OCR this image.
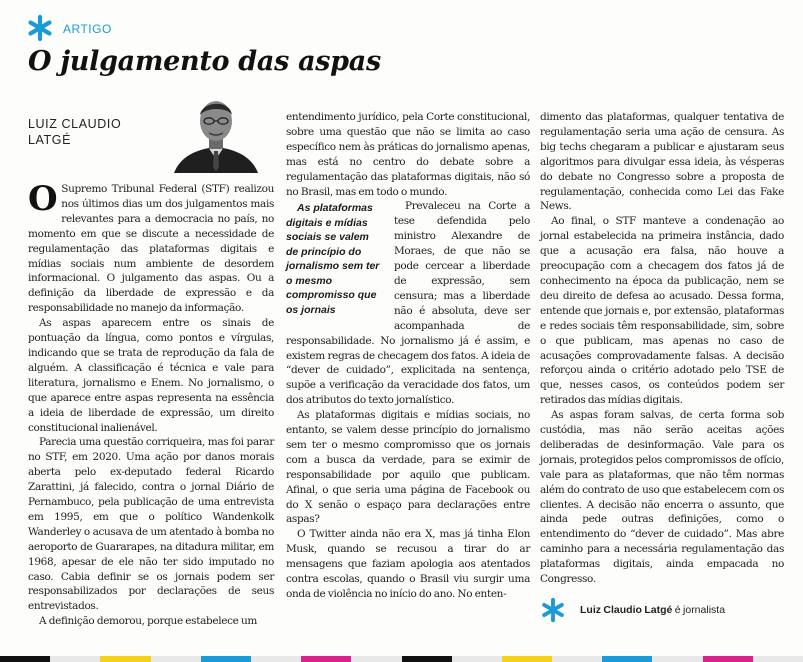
ARTIGO
O julgamento das aspas
LUIZ CLAUDIO
LATGÉ

O Supremo Tribunal Federal (STF) realizou nos últimos dias um dos julgamentos mais relevantes para a democracia no país, no momento em que se discute a necessidade de regulamentação das plataformas digitais e mídias sociais num ambiente de desordem informacional. O julgamento das aspas. Ou a definição da liberdade de expressão e da responsabilidade no manejo da informação.

As aspas aparecem entre os sinais de pontuação da língua, como pontos e vírgulas, indicando que se trata de reprodução da fala de alguém. A classificação é técnica e vale para literatura, jornalismo e Enem. No jornalismo, o que aparece entre aspas representa na essência a ideia de liberdade de expressão, um direito constitucional inalienável.

Parecia uma questão corriqueira, mas foi parar no STF, em 2020. Uma ação por danos morais aberta pelo ex-deputado federal Ricardo Zarattini, já falecido, contra o jornal Diário de Pernambuco, pela publicação de uma entrevista em 1995, em que o político Wandenkolk Wanderley o acusava de um atentado à bomba no aeroporto de Guararapes, na ditadura militar, em 1968, apesar de ele não ter sido imputado no caso. Cabia definir se os jornais podem ser responsabilizados por declarações de seus entrevistados.

A definição demorou, porque estabelece um

entendimento jurídico, pela Corte constitucional, sobre uma questão que não se limita ao caso específico nem às práticas do jornalismo apenas, mas está no centro do debate sobre a regulamentação das plataformas digitais, não só no Brasil, mas em todo o mundo.

As plataformas digitais e mídias sociais se valem de princípio do jornalismo sem ter o mesmo compromisso que os jornais
Prevaleceu na Corte a tese defendida pelo ministro Alexandre de Moraes, de que não se pode cercear a liberdade de expressão, sem censura; mas a liberdade não é absoluta, deve ser acompanhada de responsabilidade. No jornalismo já é assim, e existem regras de checagem dos fatos. A ideia de “dever de cuidado”, explicitada na sentença, supõe a verificação da veracidade dos fatos, um dos atributos do texto jornalístico.

As plataformas digitais e mídias sociais, no entanto, se valem desse princípio do jornalismo sem ter o mesmo compromisso que os jornais com a busca da verdade, para se eximir de responsabilidade por aquilo que publicam. Afinal, o que seria uma página de Facebook ou do X senão o espaço para declarações entre aspas?

O Twitter ainda não era X, mas já tinha Elon Musk, quando se recusou a tirar do ar mensagens que faziam apologia aos atentados contra escolas, quando o Brasil viu surgir uma onda de violência no início do ano. No enten-

dimento das plataformas, qualquer tentativa de regulamentação seria uma ação de censura. As big techs chegaram a publicar e ajustaram seus algoritmos para divulgar essa ideia, às vésperas do debate no Congresso sobre a proposta de regulamentação, conhecida como Lei das Fake News.

Ao final, o STF manteve a condenação ao jornal estabelecida na primeira instância, dado que a acusação era falsa, não houve a preocupação com a checagem dos fatos já de conhecimento na época da publicação, nem se deu direito de defesa ao acusado. Dessa forma, entende que jornais e, por extensão, plataformas e redes sociais têm responsabilidade, sim, sobre o que publicam, mas apenas no caso de acusações comprovadamente falsas. A decisão reforçou ainda o critério adotado pelo TSE de que, nesses casos, os conteúdos podem ser retirados das mídias digitais.

As aspas foram salvas, de certa forma sob custódia, mas não serão aceitas ações deliberadas de desinformação. Vale para os jornais, protegidos pelos compromissos de ofício, vale para as plataformas, que não têm normas além do contrato de uso que estabelecem com os clientes. A decisão não encerra o assunto, que ainda pede outras definições, como o entendimento do “dever de cuidado”. Mas abre caminho para a necessária regulamentação das plataformas digitais, ainda empacada no Congresso.

Luiz Claudio Latgé é jornalista
